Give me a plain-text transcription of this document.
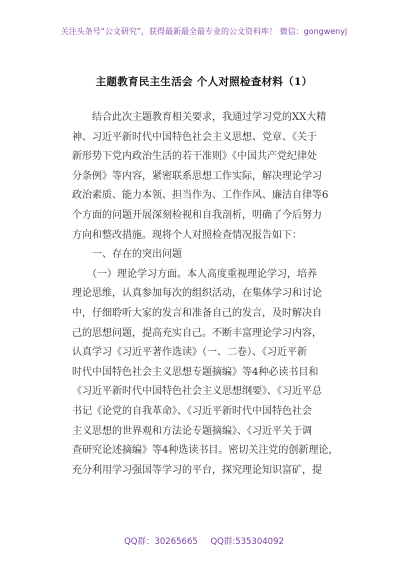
关注头条号“公文研究”，获得最新最全最专业的公文资料库！ 微信：gongwenyj
主题教育民主生活会 个人对照检查材料（1）
　　结合此次主题教育相关要求，我通过学习党的XX大精
神、习近平新时代中国特色社会主义思想、党章、《关于
新形势下党内政治生活的若干准则》《中国共产党纪律处
分条例》等内容，紧密联系思想工作实际，解决理论学习
政治素质、能力本领、担当作为、工作作风、廉洁自律等6
个方面的问题开展深刻检视和自我剖析，明确了今后努力
方向和整改措施。现将个人对照检查情况报告如下：
　　一、存在的突出问题
　　（一）理论学习方面。本人高度重视理论学习，培养
理论思维，认真参加每次的组织活动，在集体学习和讨论
中，仔细聆听大家的发言和准备自己的发言，及时解决自
己的思想问题，提高充实自己。不断丰富理论学习内容，
认真学习《习近平著作选读》（一、二卷）、《习近平新
时代中国特色社会主义思想专题摘编》等4种必读书目和
《习近平新时代中国特色社会主义思想纲要》、《习近平总
书记《论党的自我革命》、《习近平新时代中国特色社会
主义思想的世界观和方法论专题摘编》、《习近平关于调
查研究论述摘编》等4种选读书目。密切关注党的创新理论，
充分利用学习强国等学习的平台，探究理论知识富矿，提
QQ群：30265665 QQ群:535304092
